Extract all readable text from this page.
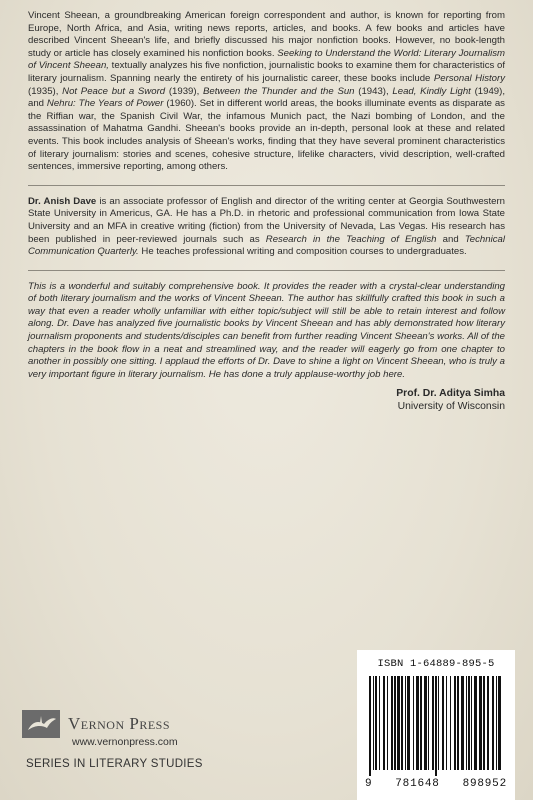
Vincent Sheean, a groundbreaking American foreign correspondent and author, is known for reporting from Europe, North Africa, and Asia, writing news reports, articles, and books. A few books and articles have described Vincent Sheean's life, and briefly discussed his major nonfiction books. However, no book-length study or article has closely examined his nonfiction books. Seeking to Understand the World: Literary Journalism of Vincent Sheean, textually analyzes his five nonfiction, journalistic books to examine them for characteristics of literary journalism. Spanning nearly the entirety of his journalistic career, these books include Personal History (1935), Not Peace but a Sword (1939), Between the Thunder and the Sun (1943), Lead, Kindly Light (1949), and Nehru: The Years of Power (1960). Set in different world areas, the books illuminate events as disparate as the Riffian war, the Spanish Civil War, the infamous Munich pact, the Nazi bombing of London, and the assassination of Mahatma Gandhi. Sheean's books provide an in-depth, personal look at these and related events. This book includes analysis of Sheean's works, finding that they have several prominent characteristics of literary journalism: stories and scenes, cohesive structure, lifelike characters, vivid description, well-crafted sentences, immersive reporting, among others.

Dr. Anish Dave is an associate professor of English and director of the writing center at Georgia Southwestern State University in Americus, GA. He has a Ph.D. in rhetoric and professional communication from Iowa State University and an MFA in creative writing (fiction) from the University of Nevada, Las Vegas. His research has been published in peer-reviewed journals such as Research in the Teaching of English and Technical Communication Quarterly. He teaches professional writing and composition courses to undergraduates.

This is a wonderful and suitably comprehensive book. It provides the reader with a crystal-clear understanding of both literary journalism and the works of Vincent Sheean. The author has skillfully crafted this book in such a way that even a reader wholly unfamiliar with either topic/subject will still be able to retain interest and follow along. Dr. Dave has analyzed five journalistic books by Vincent Sheean and has ably demonstrated how literary journalism proponents and students/disciples can benefit from further reading Vincent Sheean's works. All of the chapters in the book flow in a neat and streamlined way, and the reader will eagerly go from one chapter to another in possibly one sitting. I applaud the efforts of Dr. Dave to shine a light on Vincent Sheean, who is truly a very important figure in literary journalism. He has done a truly applause-worthy job here.

Prof. Dr. Aditya Simha
University of Wisconsin
Vernon Press
www.vernonpress.com
SERIES IN LITERARY STUDIES
ISBN 1-64889-895-5
9 781648 898952
